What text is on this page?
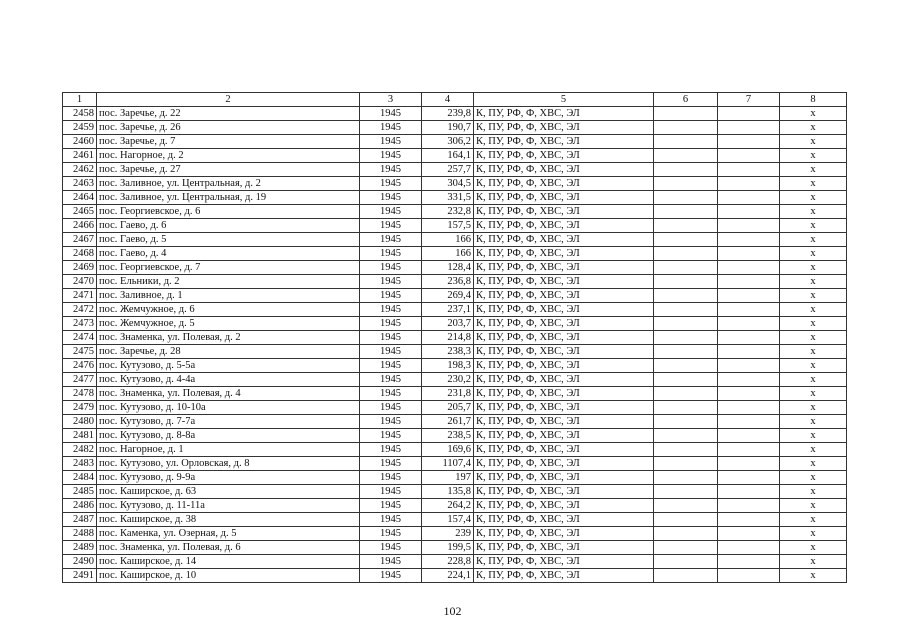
1	2	3	4	5	6	7	8
2458	пос. Заречье, д. 22	1945	239,8	К, ПУ, РФ, Ф, ХВС, ЭЛ			x
2459	пос. Заречье, д. 26	1945	190,7	К, ПУ, РФ, Ф, ХВС, ЭЛ			x
2460	пос. Заречье, д. 7	1945	306,2	К, ПУ, РФ, Ф, ХВС, ЭЛ			x
2461	пос. Нагорное, д. 2	1945	164,1	К, ПУ, РФ, Ф, ХВС, ЭЛ			x
2462	пос. Заречье, д. 27	1945	257,7	К, ПУ, РФ, Ф, ХВС, ЭЛ			x
2463	пос. Заливное, ул. Центральная, д. 2	1945	304,5	К, ПУ, РФ, Ф, ХВС, ЭЛ			x
2464	пос. Заливное, ул. Центральная, д. 19	1945	331,5	К, ПУ, РФ, Ф, ХВС, ЭЛ			x
2465	пос. Георгиевское, д. 6	1945	232,8	К, ПУ, РФ, Ф, ХВС, ЭЛ			x
2466	пос. Гаево, д. 6	1945	157,5	К, ПУ, РФ, Ф, ХВС, ЭЛ			x
2467	пос. Гаево, д. 5	1945	166	К, ПУ, РФ, Ф, ХВС, ЭЛ			x
2468	пос. Гаево, д. 4	1945	166	К, ПУ, РФ, Ф, ХВС, ЭЛ			x
2469	пос. Георгиевское, д. 7	1945	128,4	К, ПУ, РФ, Ф, ХВС, ЭЛ			x
2470	пос. Ельники, д. 2	1945	236,8	К, ПУ, РФ, Ф, ХВС, ЭЛ			x
2471	пос. Заливное, д. 1	1945	269,4	К, ПУ, РФ, Ф, ХВС, ЭЛ			x
2472	пос. Жемчужное, д. 6	1945	237,1	К, ПУ, РФ, Ф, ХВС, ЭЛ			x
2473	пос. Жемчужное, д. 5	1945	203,7	К, ПУ, РФ, Ф, ХВС, ЭЛ			x
2474	пос. Знаменка, ул. Полевая, д. 2	1945	214,8	К, ПУ, РФ, Ф, ХВС, ЭЛ			x
2475	пос. Заречье, д. 28	1945	238,3	К, ПУ, РФ, Ф, ХВС, ЭЛ			x
2476	пос. Кутузово, д. 5-5а	1945	198,3	К, ПУ, РФ, Ф, ХВС, ЭЛ			x
2477	пос. Кутузово, д. 4-4а	1945	230,2	К, ПУ, РФ, Ф, ХВС, ЭЛ			x
2478	пос. Знаменка, ул. Полевая, д. 4	1945	231,8	К, ПУ, РФ, Ф, ХВС, ЭЛ			x
2479	пос. Кутузово, д. 10-10а	1945	205,7	К, ПУ, РФ, Ф, ХВС, ЭЛ			x
2480	пос. Кутузово, д. 7-7а	1945	261,7	К, ПУ, РФ, Ф, ХВС, ЭЛ			x
2481	пос. Кутузово, д. 8-8а	1945	238,5	К, ПУ, РФ, Ф, ХВС, ЭЛ			x
2482	пос. Нагорное, д. 1	1945	169,6	К, ПУ, РФ, Ф, ХВС, ЭЛ			x
2483	пос. Кутузово, ул. Орловская, д. 8	1945	1107,4	К, ПУ, РФ, Ф, ХВС, ЭЛ			x
2484	пос. Кутузово, д. 9-9а	1945	197	К, ПУ, РФ, Ф, ХВС, ЭЛ			x
2485	пос. Каширское, д. 63	1945	135,8	К, ПУ, РФ, Ф, ХВС, ЭЛ			x
2486	пос. Кутузово, д. 11-11а	1945	264,2	К, ПУ, РФ, Ф, ХВС, ЭЛ			x
2487	пос. Каширское, д. 38	1945	157,4	К, ПУ, РФ, Ф, ХВС, ЭЛ			x
2488	пос. Каменка, ул. Озерная, д. 5	1945	239	К, ПУ, РФ, Ф, ХВС, ЭЛ			x
2489	пос. Знаменка, ул. Полевая, д. 6	1945	199,5	К, ПУ, РФ, Ф, ХВС, ЭЛ			x
2490	пос. Каширское, д. 14	1945	228,8	К, ПУ, РФ, Ф, ХВС, ЭЛ			x
2491	пос. Каширское, д. 10	1945	224,1	К, ПУ, РФ, Ф, ХВС, ЭЛ			x
102
